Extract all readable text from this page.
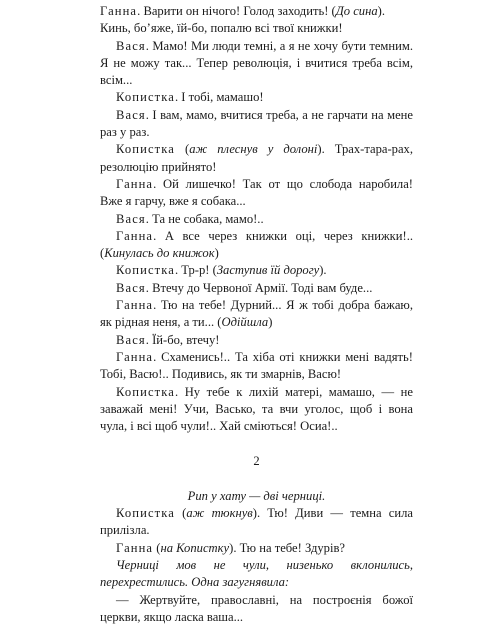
Ганна. Варити он нічого! Голод заходить! (До сина).

Кинь, бо’яже, їй-бо, попалю всі твої книжки!

Вася. Мамо! Ми люди темні, а я не хочу бути темним. Я не можу так... Тепер революція, і вчитися треба всім, всім...

Копистка. І тобі, мамашо!

Вася. І вам, мамо, вчитися треба, а не гарчати на мене раз у раз.

Копистка (аж плеснув у долоні). Трах-тара-рах, резолюцію прийнято!

Ганна. Ой лишечко! Так от що слобода наробила! Вже я гарчу, вже я собака...

Вася. Та не собака, мамо!..

Ганна. А все через книжки оці, через книжки!.. (Кинулась до книжок)

Копистка. Тр-р! (Заступив їй дорогу).

Вася. Втечу до Червоної Армії. Тоді вам буде...

Ганна. Тю на тебе! Дурний... Я ж тобі добра бажаю, як рідная неня, а ти... (Одійшла)

Вася. Їй-бо, втечу!

Ганна. Схаменись!.. Та хіба оті книжки мені вадять! Тобі, Васю!.. Подивись, як ти змарнів, Васю!

Копистка. Ну тебе к лихій матері, мамашо, — не заважай мені! Учи, Васько, та вчи уголос, щоб і вона чула, і всі щоб чули!.. Хай сміються! Осиа!..

2

Рип у хату — дві черниці.

Копистка (аж тюкнув). Тю! Диви — темна сила прилізла.

Ганна (на Копистку). Тю на тебе! Здурів?

Черниці мов не чули, низенько вклонились, перехрестились. Одна загугнявила:

— Жертвуйте, православні, на построєнія божої церкви, якщо ласка ваша...
